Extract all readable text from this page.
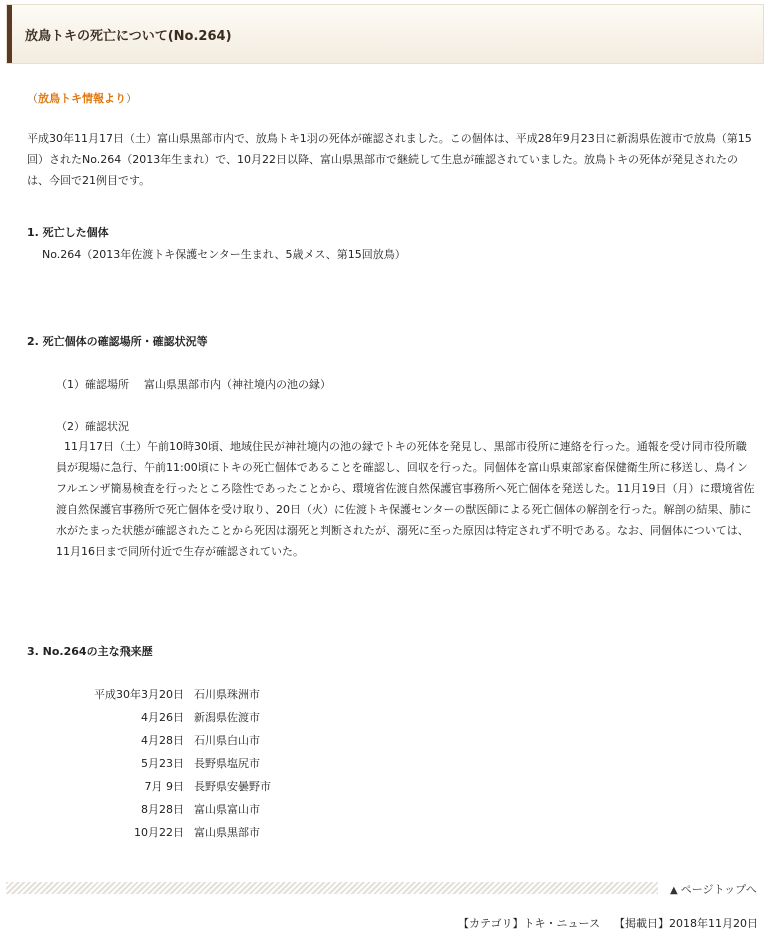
放鳥トキの死亡について(No.264)
（放鳥トキ情報より）
平成30年11月17日（土）富山県黒部市内で、放鳥トキ1羽の死体が確認されました。この個体は、平成28年9月23日に新潟県佐渡市で放鳥（第15回）されたNo.264（2013年生まれ）で、10月22日以降、富山県黒部市で継続して生息が確認されていました。放鳥トキの死体が発見されたのは、今回で21例目です。
1. 死亡した個体
No.264（2013年佐渡トキ保護センター生まれ、5歳メス、第15回放鳥）
2. 死亡個体の確認場所・確認状況等
（1）確認場所 富山県黒部市内（神社境内の池の縁）
（2）確認状況
11月17日（土）午前10時30頃、地域住民が神社境内の池の縁でトキの死体を発見し、黒部市役所に連絡を行った。通報を受け同市役所職員が現場に急行、午前11:00頃にトキの死亡個体であることを確認し、回収を行った。同個体を富山県東部家畜保健衛生所に移送し、鳥インフルエンザ簡易検査を行ったところ陰性であったことから、環境省佐渡自然保護官事務所へ死亡個体を発送した。11月19日（月）に環境省佐渡自然保護官事務所で死亡個体を受け取り、20日（火）に佐渡トキ保護センターの獣医師による死亡個体の解剖を行った。解剖の結果、肺に水がたまった状態が確認されたことから死因は溺死と判断されたが、溺死に至った原因は特定されず不明である。なお、同個体については、11月16日まで同所付近で生存が確認されていた。
3. No.264の主な飛来歴
平成30年3月20日	石川県珠洲市
4月26日	新潟県佐渡市
4月28日	石川県白山市
5月23日	長野県塩尻市
7月 9日	長野県安曇野市
8月28日	富山県富山市
10月22日	富山県黒部市
▲ ページトップへ
【カテゴリ】トキ・ニュース 【掲載日】2018年11月20日
